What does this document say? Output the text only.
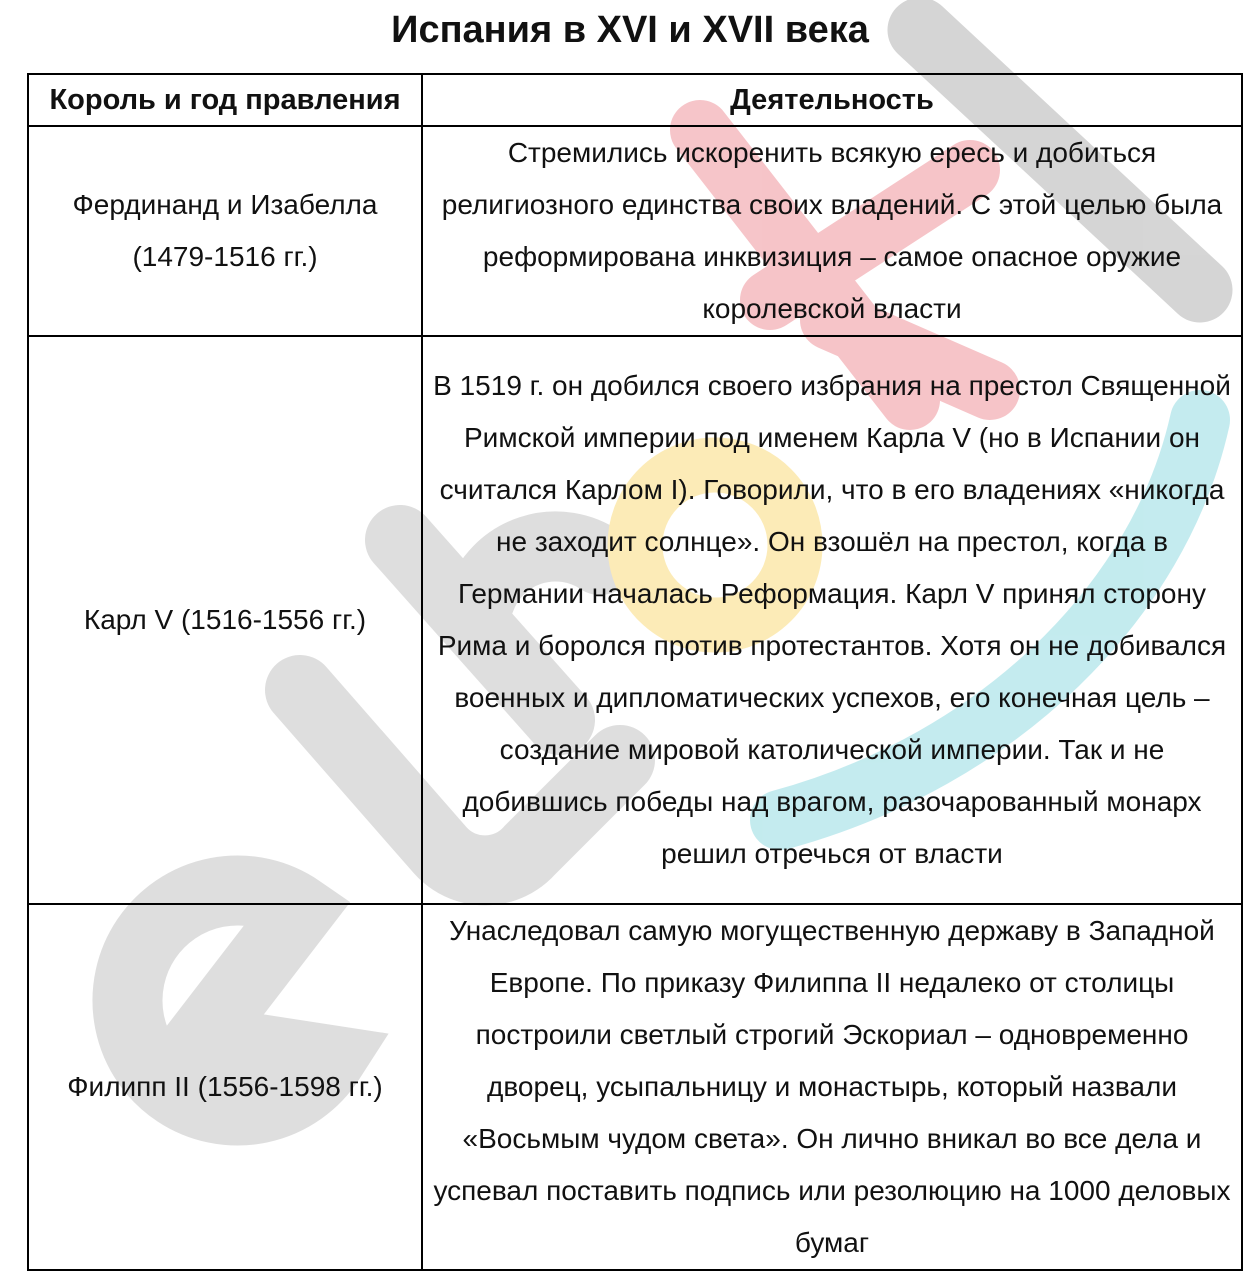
Испания в XVI и XVII века
Король и год правления	Деятельность
Фердинанд и Изабелла (1479-1516 гг.)	Стремились искоренить всякую ересь и добиться религиозного единства своих владений. С этой целью была реформирована инквизиция – самое опасное оружие королевской власти
Карл V (1516-1556 гг.)	В 1519 г. он добился своего избрания на престол Священной Римской империи под именем Карла V (но в Испании он считался Карлом I). Говорили, что в его владениях «никогда не заходит солнце». Он взошёл на престол, когда в Германии началась Реформация. Карл V принял сторону Рима и боролся против протестантов. Хотя он не добивался военных и дипломатических успехов, его конечная цель – создание мировой католической империи. Так и не добившись победы над врагом, разочарованный монарх решил отречься от власти
Филипп II (1556-1598 гг.)	Унаследовал самую могущественную державу в Западной Европе. По приказу Филиппа II недалеко от столицы построили светлый строгий Эскориал – одновременно дворец, усыпальницу и монастырь, который назвали «Восьмым чудом света». Он лично вникал во все дела и успевал поставить подпись или резолюцию на 1000 деловых бумаг
